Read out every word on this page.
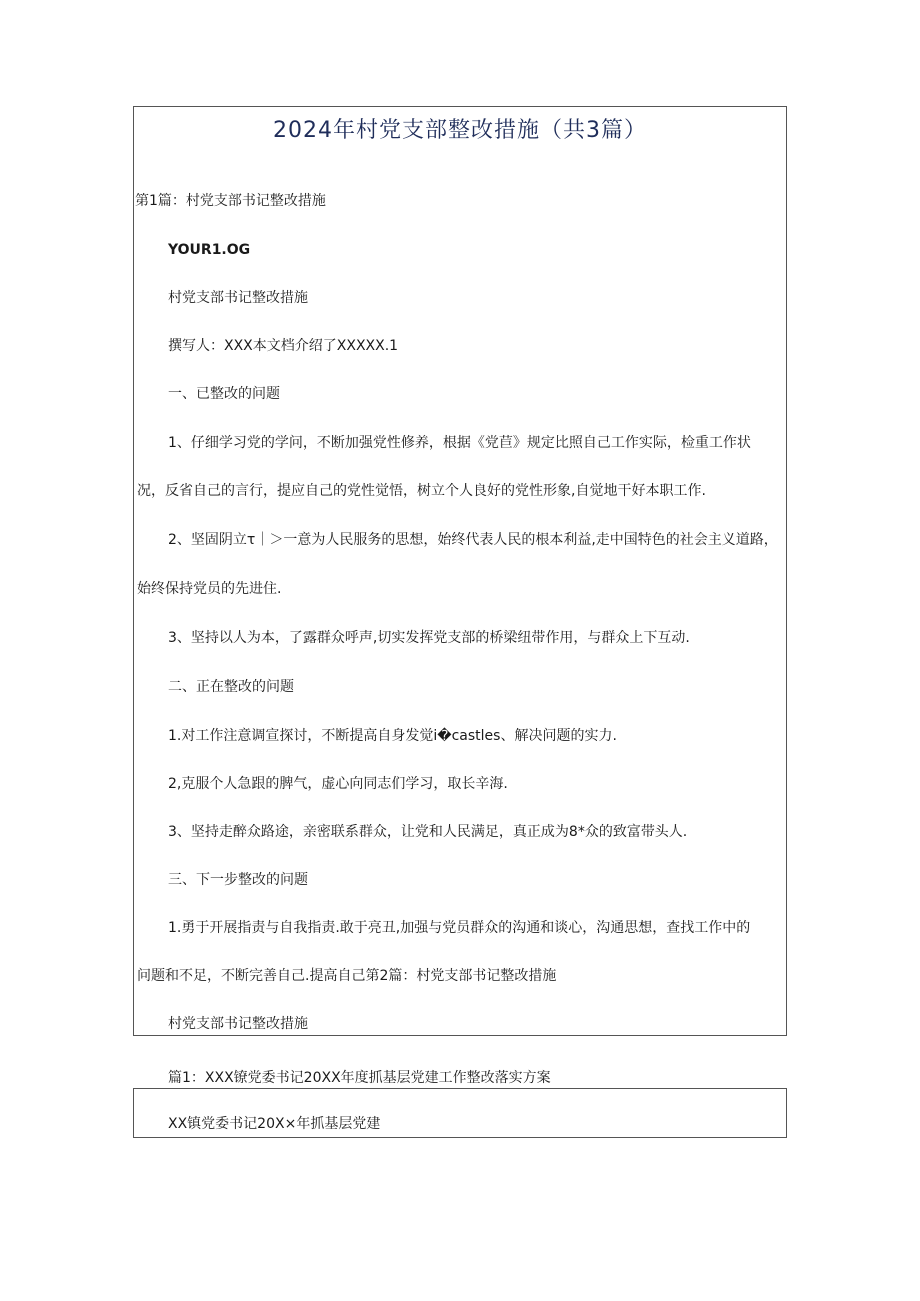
2024年村党支部整改措施（共3篇）
第1篇：村党支部书记整改措施
YOUR1.OG
村党支部书记整改措施
撰写人：XXX本文档介绍了XXXXX.1
一、已整改的问题
1、仔细学习党的学问，不断加强党性修养，根据《党苣》规定比照自己工作实际，检重工作状
况，反省自己的言行，提应自己的党性觉悟，树立个人良好的党性形象,自觉地干好本职工作.
2、坚固阴立τ｜＞一意为人民服务的思想，始终代表人民的根本利益,走中国特色的社会主义道路，
始终保持党员的先进住.
3、坚持以人为本，了露群众呼声,切实发挥党支部的桥梁纽带作用，与群众上下互动.
二、正在整改的问题
1.对工作注意调宣探讨，不断提高自身发觉i�castles、解决问题的实力.
2,克服个人急跟的脾气，虚心向同志们学习，取长辛海.
3、坚持走醉众路途，亲密联系群众，让党和人民满足，真正成为8*众的致富带头人.
三、下一步整改的问题
1.勇于开展指责与自我指责.敢于亮丑,加强与党员群众的沟通和谈心，沟通思想，查找工作中的
问题和不足，不断完善自己.提高自己第2篇：村党支部书记整改措施
村党支部书记整改措施
篇1：XXX镣党委书记20XX年度抓基层党建工作整改落实方案
XX镇党委书记20X×年抓基层党建
